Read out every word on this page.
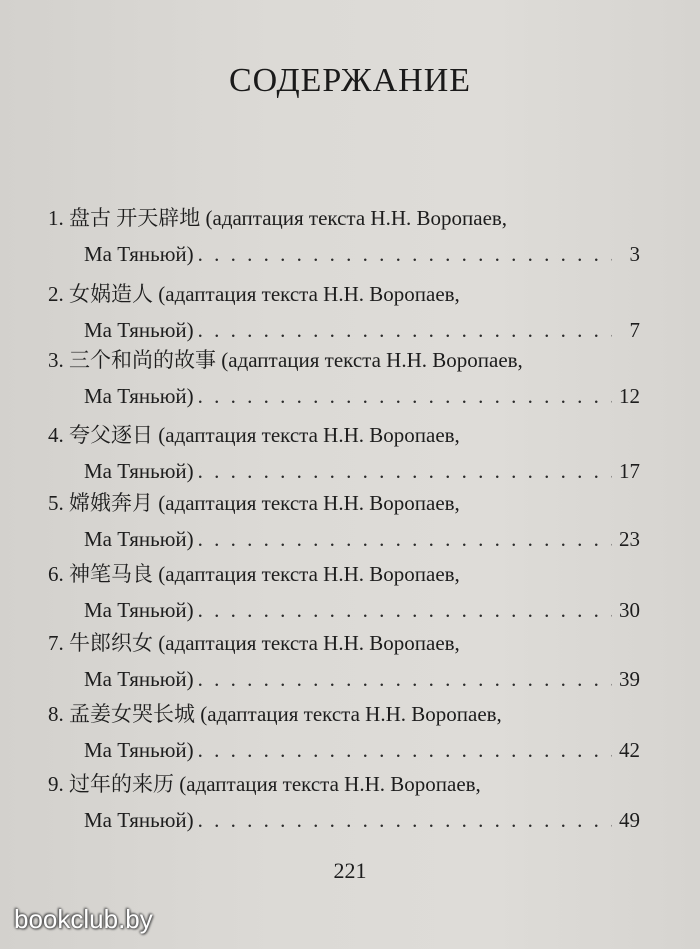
СОДЕРЖАНИЕ
1. 盘古 开天辟地 (адаптация текста Н.Н. Воропаев,
Ма Тяньюй) . . .	3
2. 女娲造人 (адаптация текста Н.Н. Воропаев,
Ма Тяньюй) . . .	7
3. 三个和尚的故事 (адаптация текста Н.Н. Воропаев,
Ма Тяньюй) . . .	12
4. 夸父逐日 (адаптация текста Н.Н. Воропаев,
Ма Тяньюй) . . .	17
5. 嫦娥奔月 (адаптация текста Н.Н. Воропаев,
Ма Тяньюй) . . .	23
6. 神笔马良 (адаптация текста Н.Н. Воропаев,
Ма Тяньюй) . . .	30
7. 牛郎织女 (адаптация текста Н.Н. Воропаев,
Ма Тяньюй) . . .	39
8. 孟姜女哭长城 (адаптация текста Н.Н. Воропаев,
Ма Тяньюй) . . .	42
9. 过年的来历 (адаптация текста Н.Н. Воропаев,
Ма Тяньюй) . . .	49
221
bookclub.by
